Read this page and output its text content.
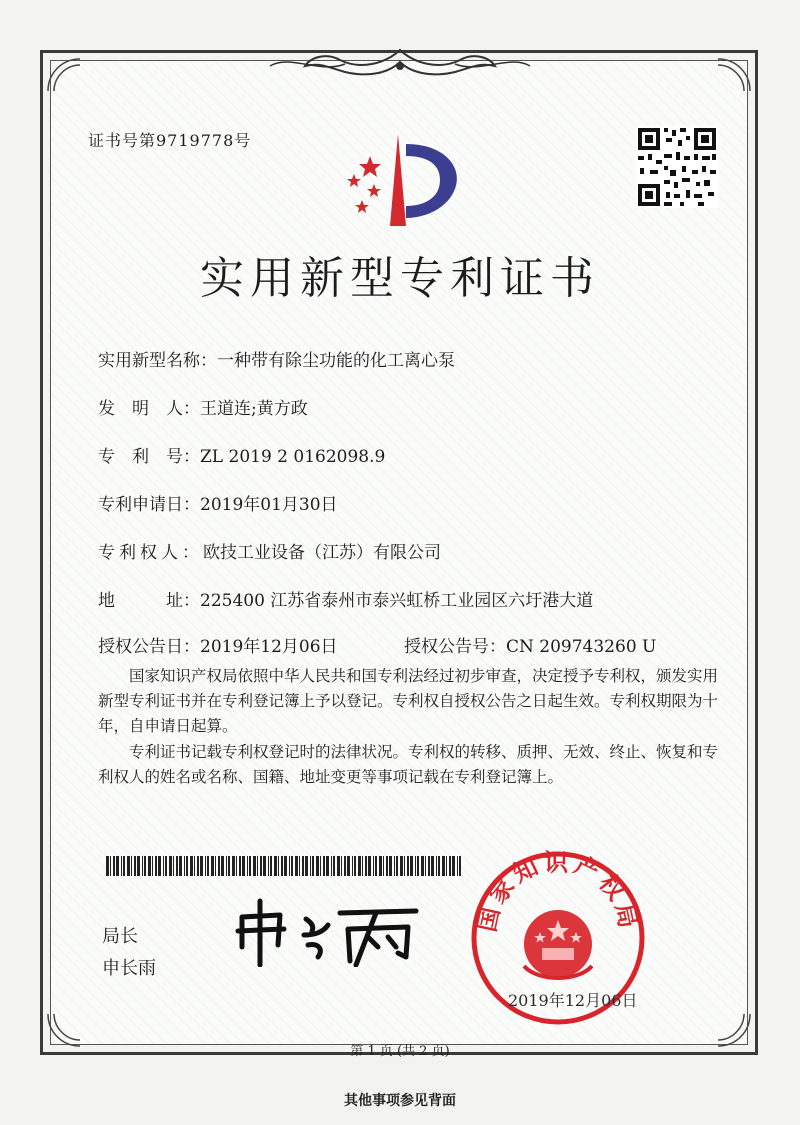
证书号第9719778号
实用新型专利证书
实用新型名称：一种带有除尘功能的化工离心泵
发　明　人：王道连;黄方政
专　利　号：ZL 2019 2 0162098.9
专利申请日：2019年01月30日
专利权人：欧技工业设备（江苏）有限公司
地　　　址：225400 江苏省泰州市泰兴虹桥工业园区六圩港大道
授权公告日：2019年12月06日	授权公告号：CN 209743260 U
国家知识产权局依照中华人民共和国专利法经过初步审查，决定授予专利权，颁发实用新型专利证书并在专利登记簿上予以登记。专利权自授权公告之日起生效。专利权期限为十年，自申请日起算。
专利证书记载专利权登记时的法律状况。专利权的转移、质押、无效、终止、恢复和专利权人的姓名或名称、国籍、地址变更等事项记载在专利登记簿上。
局长
申长雨
国家知识产权局
2019年12月06日
第 1 页 (共 2 页)
其他事项参见背面
